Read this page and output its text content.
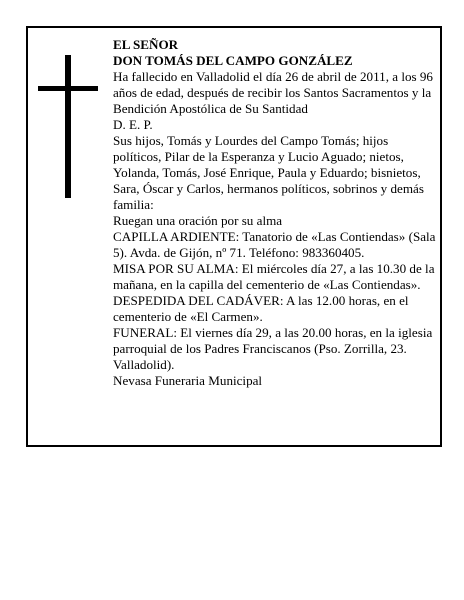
EL SEÑOR

DON TOMÁS DEL CAMPO GONZÁLEZ

Ha fallecido en Valladolid el día 26 de abril de 2011, a los 96 años de edad, después de recibir los Santos Sacramentos y la Bendición Apostólica de Su Santidad

D. E. P.

Sus hijos, Tomás y Lourdes del Campo Tomás; hijos políticos, Pilar de la Esperanza y Lucio Aguado; nietos, Yolanda, Tomás, José Enrique, Paula y Eduardo; bisnietos, Sara, Óscar y Carlos, hermanos políticos, sobrinos y demás familia:

Ruegan una oración por su alma

CAPILLA ARDIENTE: Tanatorio de «Las Contiendas» (Sala 5). Avda. de Gijón, nº 71. Teléfono: 983360405.

MISA POR SU ALMA: El miércoles día 27, a las 10.30 de la mañana, en la capilla del cementerio de «Las Contiendas».

DESPEDIDA DEL CADÁVER: A las 12.00 horas, en el cementerio de «El Carmen».

FUNERAL: El viernes día 29, a las 20.00 horas, en la iglesia parroquial de los Padres Franciscanos (Pso. Zorrilla, 23. Valladolid).

Nevasa Funeraria Municipal
